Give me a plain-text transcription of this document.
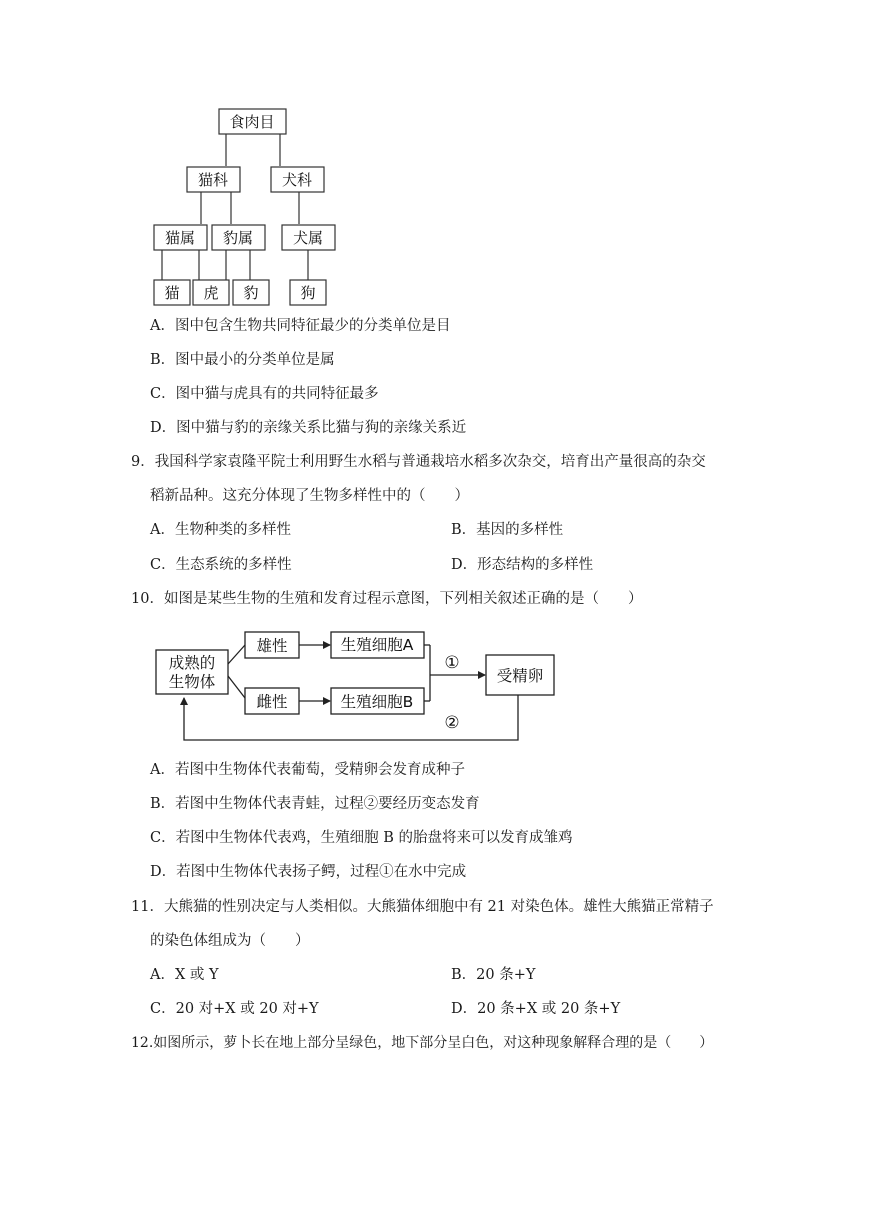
食肉目
猫科	犬科
猫属 豹属	犬属
猫 虎 豹	狗
A．图中包含生物共同特征最少的分类单位是目
B．图中最小的分类单位是属
C．图中猫与虎具有的共同特征最多
D．图中猫与豹的亲缘关系比猫与狗的亲缘关系近
9．我国科学家袁隆平院士利用野生水稻与普通栽培水稻多次杂交，培育出产量很高的杂交
稻新品种。这充分体现了生物多样性中的（　　）
A．生物种类的多样性	B．基因的多样性
C．生态系统的多样性	D．形态结构的多样性
10．如图是某些生物的生殖和发育过程示意图，下列相关叙述正确的是（　　）
成熟的
生物体
雄性
雌性
生殖细胞A
生殖细胞B
受精卵
①
②
A．若图中生物体代表葡萄，受精卵会发育成种子
B．若图中生物体代表青蛙，过程②要经历变态发育
C．若图中生物体代表鸡，生殖细胞 B 的胎盘将来可以发育成雏鸡
D．若图中生物体代表扬子鳄，过程①在水中完成
11．大熊猫的性别决定与人类相似。大熊猫体细胞中有 21 对染色体。雄性大熊猫正常精子
的染色体组成为（　　）
A．X 或 Y	B．20 条+Y
C．20 对+X 或 20 对+Y	D．20 条+X 或 20 条+Y
12.如图所示，萝卜长在地上部分呈绿色，地下部分呈白色，对这种现象解释合理的是（　　）
